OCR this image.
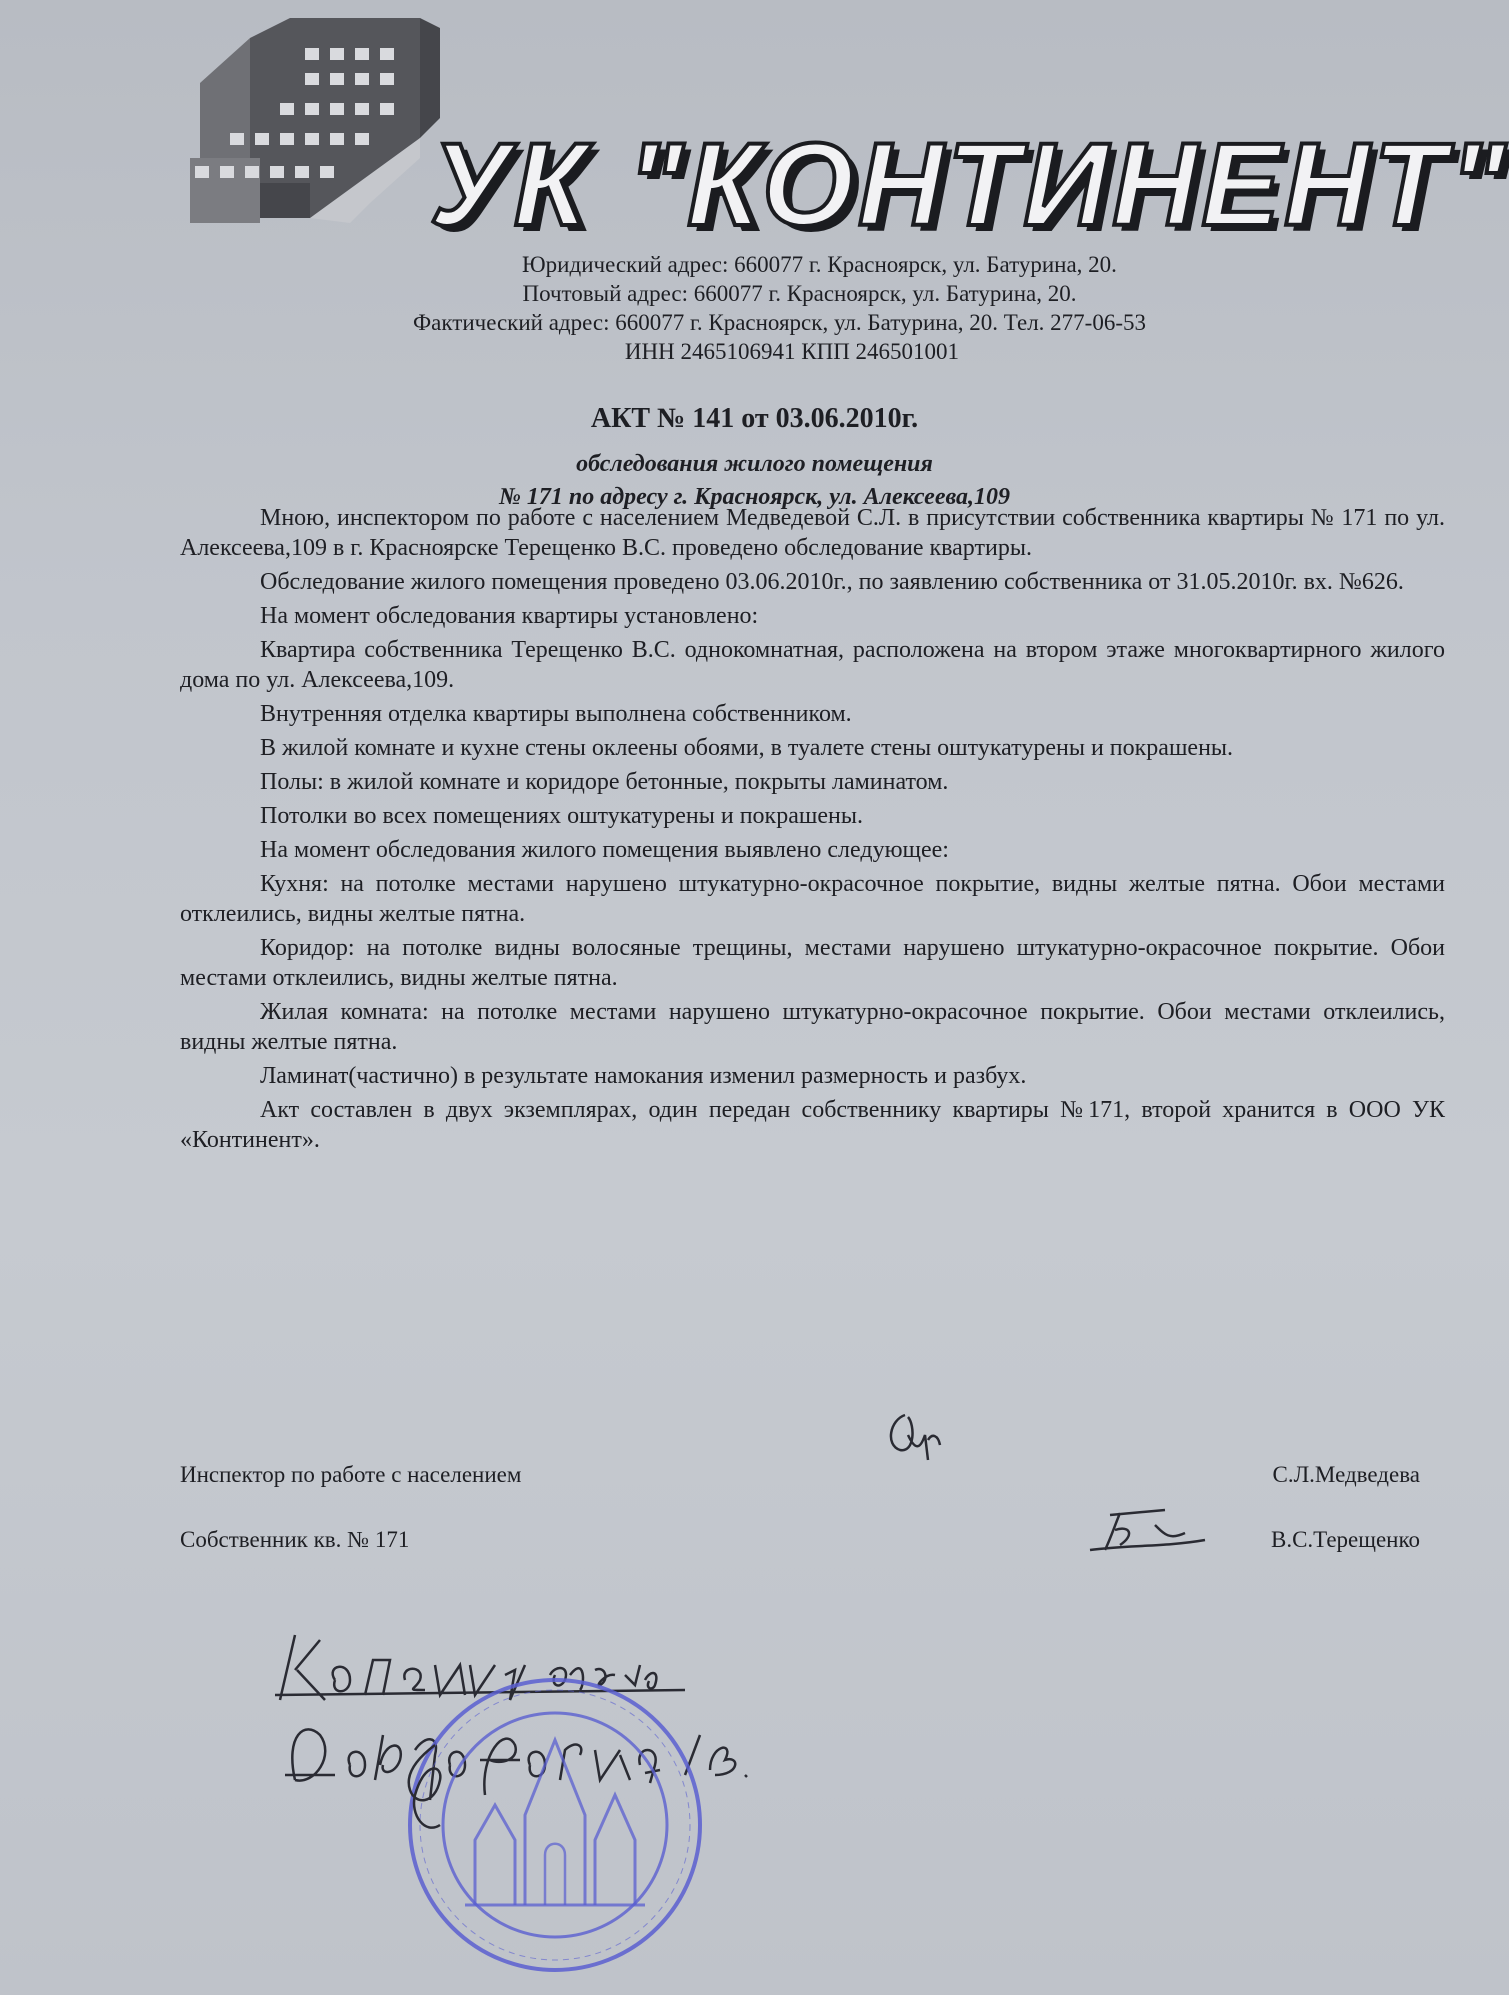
УК "КОНТИНЕНТ"
Юридический адрес: 660077 г. Красноярск, ул. Батурина, 20.
Почтовый адрес: 660077 г. Красноярск, ул. Батурина, 20.
Фактический адрес: 660077 г. Красноярск, ул. Батурина, 20. Тел. 277-06-53
ИНН 2465106941 КПП 246501001
АКТ № 141 от 03.06.2010г.
обследования жилого помещения
№ 171 по адресу г. Красноярск, ул. Алексеева,109

Мною, инспектором по работе с населением Медведевой С.Л. в присутствии собственника квартиры № 171 по ул. Алексеева,109 в г. Красноярске Терещенко В.С. проведено обследование квартиры.

Обследование жилого помещения проведено 03.06.2010г., по заявлению собственника от 31.05.2010г. вх. №626.

На момент обследования квартиры установлено:

Квартира собственника Терещенко В.С. однокомнатная, расположена на втором этаже многоквартирного жилого дома по ул. Алексеева,109.

Внутренняя отделка квартиры выполнена собственником.

В жилой комнате и кухне стены оклеены обоями, в туалете стены оштукатурены и покрашены.

Полы: в жилой комнате и коридоре бетонные, покрыты ламинатом.

Потолки во всех помещениях оштукатурены и покрашены.

На момент обследования жилого помещения выявлено следующее:

Кухня: на потолке местами нарушено штукатурно-окрасочное покрытие, видны желтые пятна. Обои местами отклеились, видны желтые пятна.

Коридор: на потолке видны волосяные трещины, местами нарушено штукатурно-окрасочное покрытие. Обои местами отклеились, видны желтые пятна.

Жилая комната: на потолке местами нарушено штукатурно-окрасочное покрытие. Обои местами отклеились, видны желтые пятна.

Ламинат(частично) в результате намокания изменил размерность и разбух.

Акт составлен в двух экземплярах, один передан собственнику квартиры №171, второй хранится в ООО УК «Континент».

Инспектор по работе с населением	С.Л.Медведева
Собственник кв. № 171	В.С.Терещенко
